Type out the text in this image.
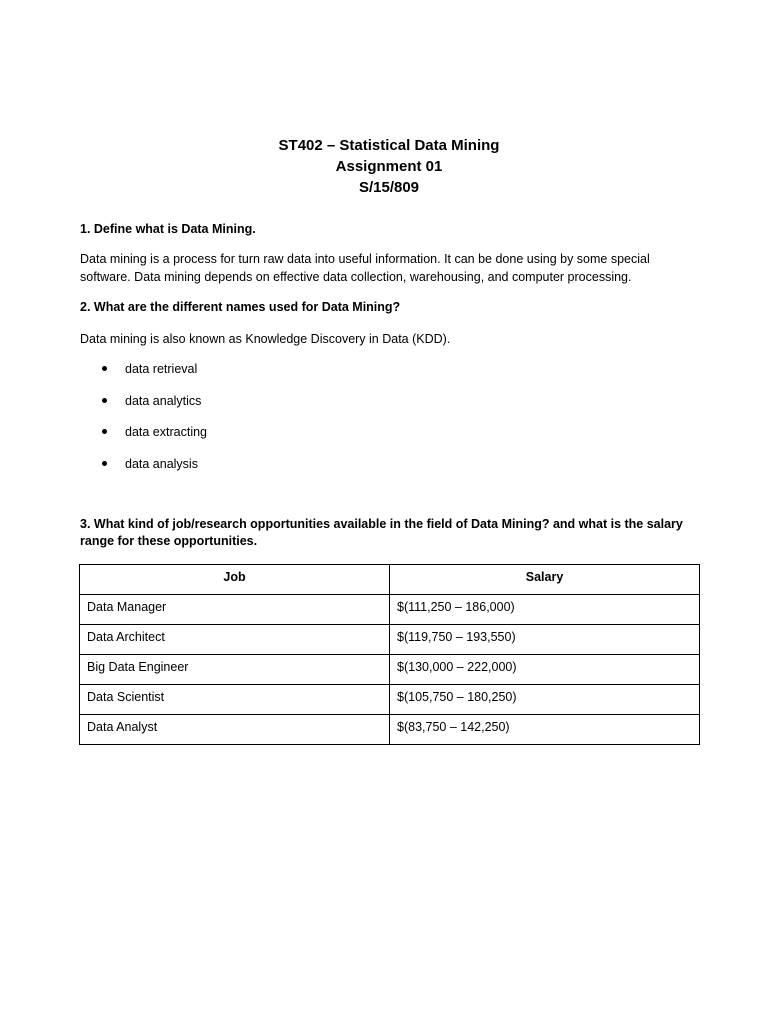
ST402 – Statistical Data Mining
Assignment 01
S/15/809
1. Define what is Data Mining.
Data mining is a process for turn raw data into useful information. It can be done using by some special
software. Data mining depends on effective data collection, warehousing, and computer processing.
2. What are the different names used for Data Mining?
Data mining is also known as Knowledge Discovery in Data (KDD).
data retrieval
data analytics
data extracting
data analysis
3. What kind of job/research opportunities available in the field of Data Mining? and what is the salary
range for these opportunities.
Job	Salary
Data Manager	$(111,250 – 186,000)
Data Architect	$(119,750 – 193,550)
Big Data Engineer	$(130,000 – 222,000)
Data Scientist	$(105,750 – 180,250)
Data Analyst	$(83,750 – 142,250)
